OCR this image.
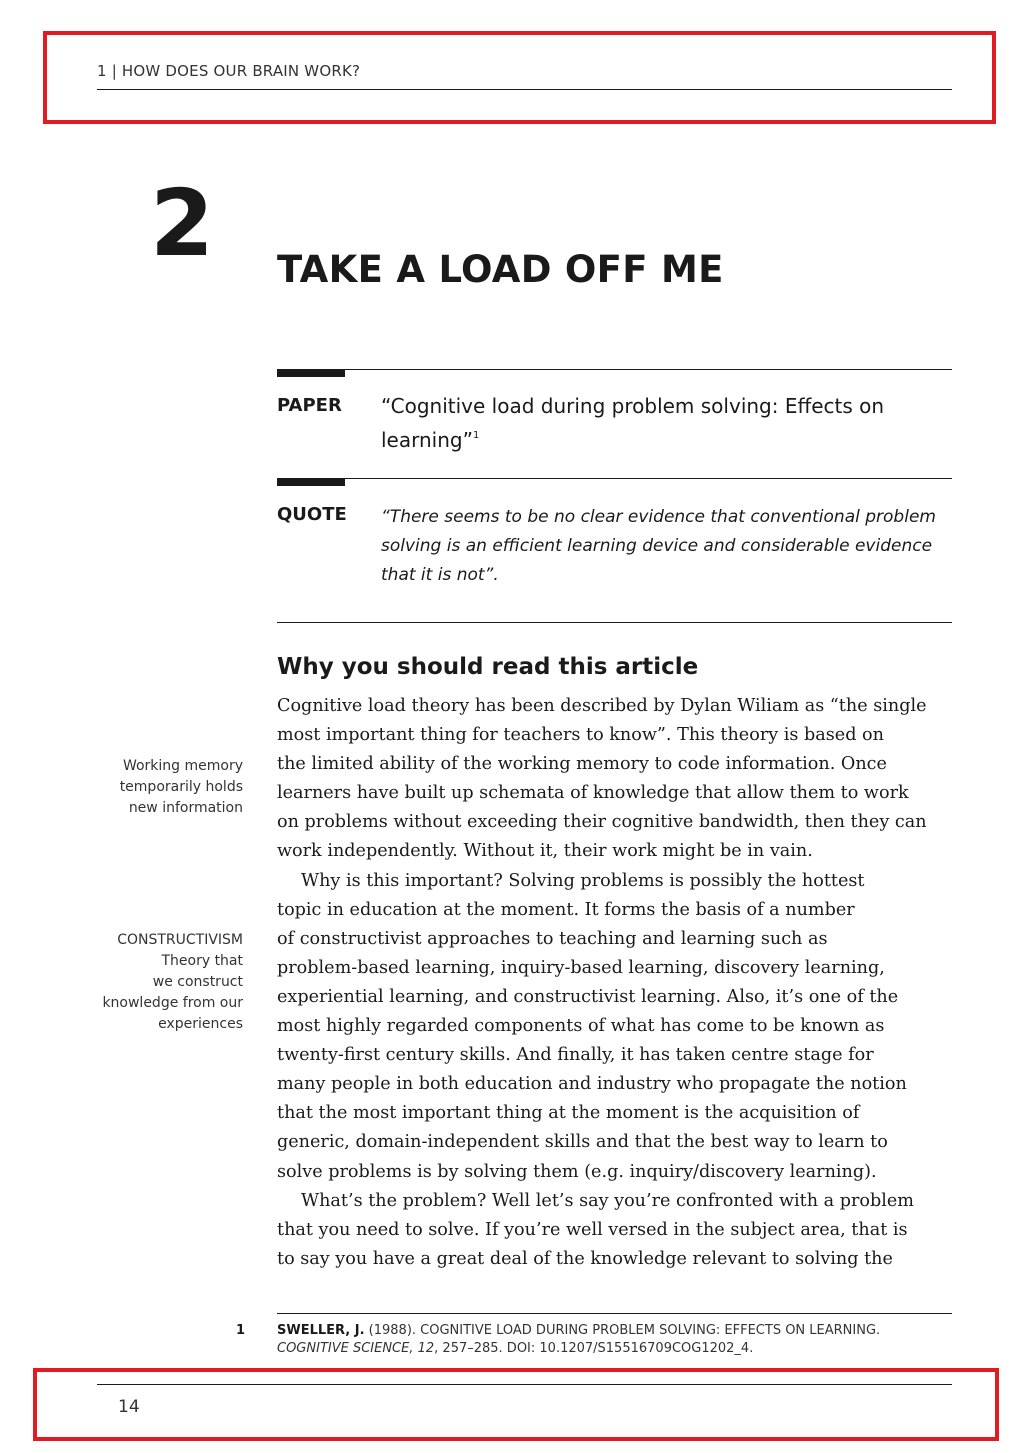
1 | HOW DOES OUR BRAIN WORK?
2 TAKE A LOAD OFF ME
PAPER “Cognitive load during problem solving: Effects on learning”$^1$
QUOTE “There seems to be no clear evidence that conventional problem solving is an efficient learning device and considerable evidence that it is not”.
Why you should read this article

Cognitive load theory has been described by Dylan Wiliam as “the single

most important thing for teachers to know”. This theory is based on

the limited ability of the working memory to code information. Once

learners have built up schemata of knowledge that allow them to work

on problems without exceeding their cognitive bandwidth, then they can

work independently. Without it, their work might be in vain.

Why is this important? Solving problems is possibly the hottest

topic in education at the moment. It forms the basis of a number

of constructivist approaches to teaching and learning such as

problem-based learning, inquiry-based learning, discovery learning,

experiential learning, and constructivist learning. Also, it’s one of the

most highly regarded components of what has come to be known as

twenty-first century skills. And finally, it has taken centre stage for

many people in both education and industry who propagate the notion

that the most important thing at the moment is the acquisition of

generic, domain-independent skills and that the best way to learn to

solve problems is by solving them (e.g. inquiry/discovery learning).

What’s the problem? Well let’s say you’re confronted with a problem

that you need to solve. If you’re well versed in the subject area, that is

to say you have a great deal of the knowledge relevant to solving the

Working memory
temporarily holds
new information
CONSTRUCTIVISM
Theory that
we construct
knowledge from our
experiences
1 SWELLER, J. (1988). COGNITIVE LOAD DURING PROBLEM SOLVING: EFFECTS ON LEARNING.
COGNITIVE SCIENCE, 12, 257–285. DOI: 10.1207/S15516709COG1202_4.
14
